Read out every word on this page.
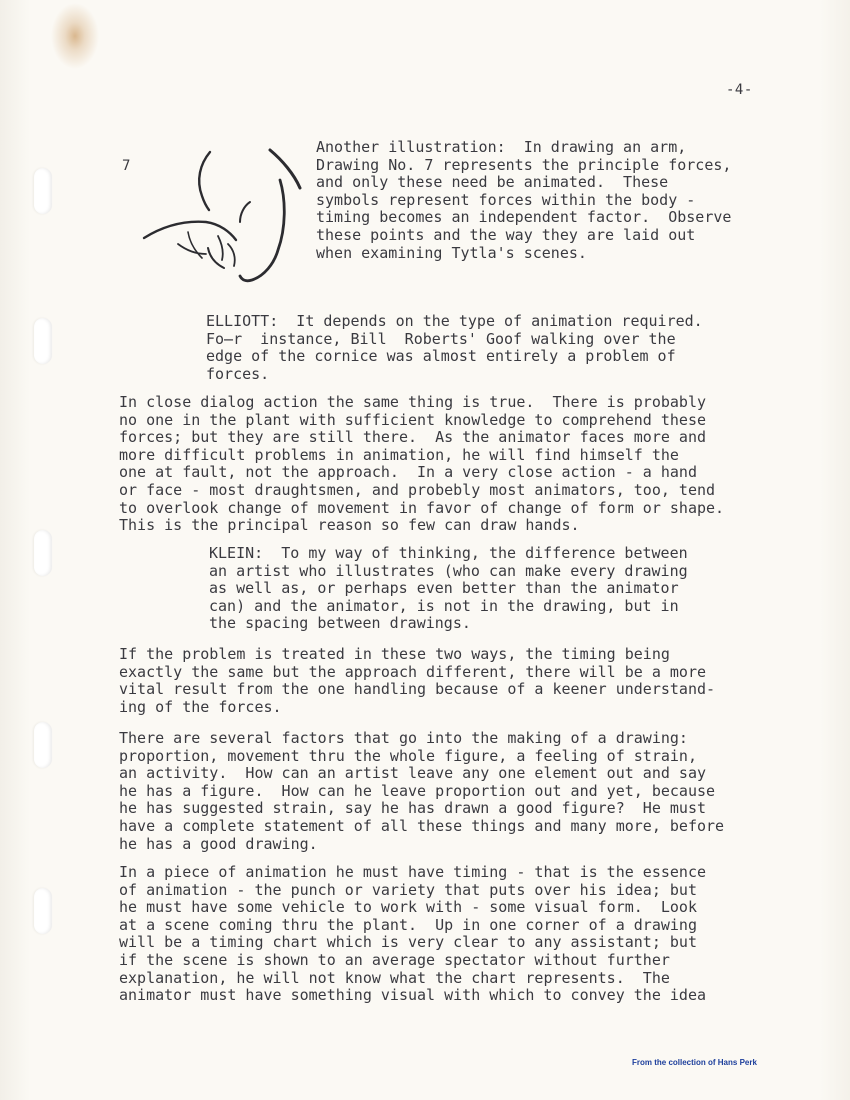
-4-
7
Another illustration:  In drawing an arm,
Drawing No. 7 represents the principle forces,
and only these need be animated.  These
symbols represent forces within the body -
timing becomes an independent factor.  Observe
these points and the way they are laid out
when examining Tytla's scenes.
ELLIOTT:  It depends on the type of animation required.
Fo̶r  instance, Bill  Roberts' Goof walking over the
edge of the cornice was almost entirely a problem of
forces.
In close dialog action the same thing is true.  There is probably
no one in the plant with sufficient knowledge to comprehend these
forces; but they are still there.  As the animator faces more and
more difficult problems in animation, he will find himself the
one at fault, not the approach.  In a very close action - a hand
or face - most draughtsmen, and probebly most animators, too, tend
to overlook change of movement in favor of change of form or shape.
This is the principal reason so few can draw hands.
KLEIN:  To my way of thinking, the difference between
an artist who illustrates (who can make every drawing
as well as, or perhaps even better than the animator
can) and the animator, is not in the drawing, but in
the spacing between drawings.
If the problem is treated in these two ways, the timing being
exactly the same but the approach different, there will be a more
vital result from the one handling because of a keener understand-
ing of the forces.
There are several factors that go into the making of a drawing:
proportion, movement thru the whole figure, a feeling of strain,
an activity.  How can an artist leave any one element out and say
he has a figure.  How can he leave proportion out and yet, because
he has suggested strain, say he has drawn a good figure?  He must
have a complete statement of all these things and many more, before
he has a good drawing.
In a piece of animation he must have timing - that is the essence
of animation - the punch or variety that puts over his idea; but
he must have some vehicle to work with - some visual form.  Look
at a scene coming thru the plant.  Up in one corner of a drawing
will be a timing chart which is very clear to any assistant; but
if the scene is shown to an average spectator without further
explanation, he will not know what the chart represents.  The
animator must have something visual with which to convey the idea
From the collection of Hans Perk
